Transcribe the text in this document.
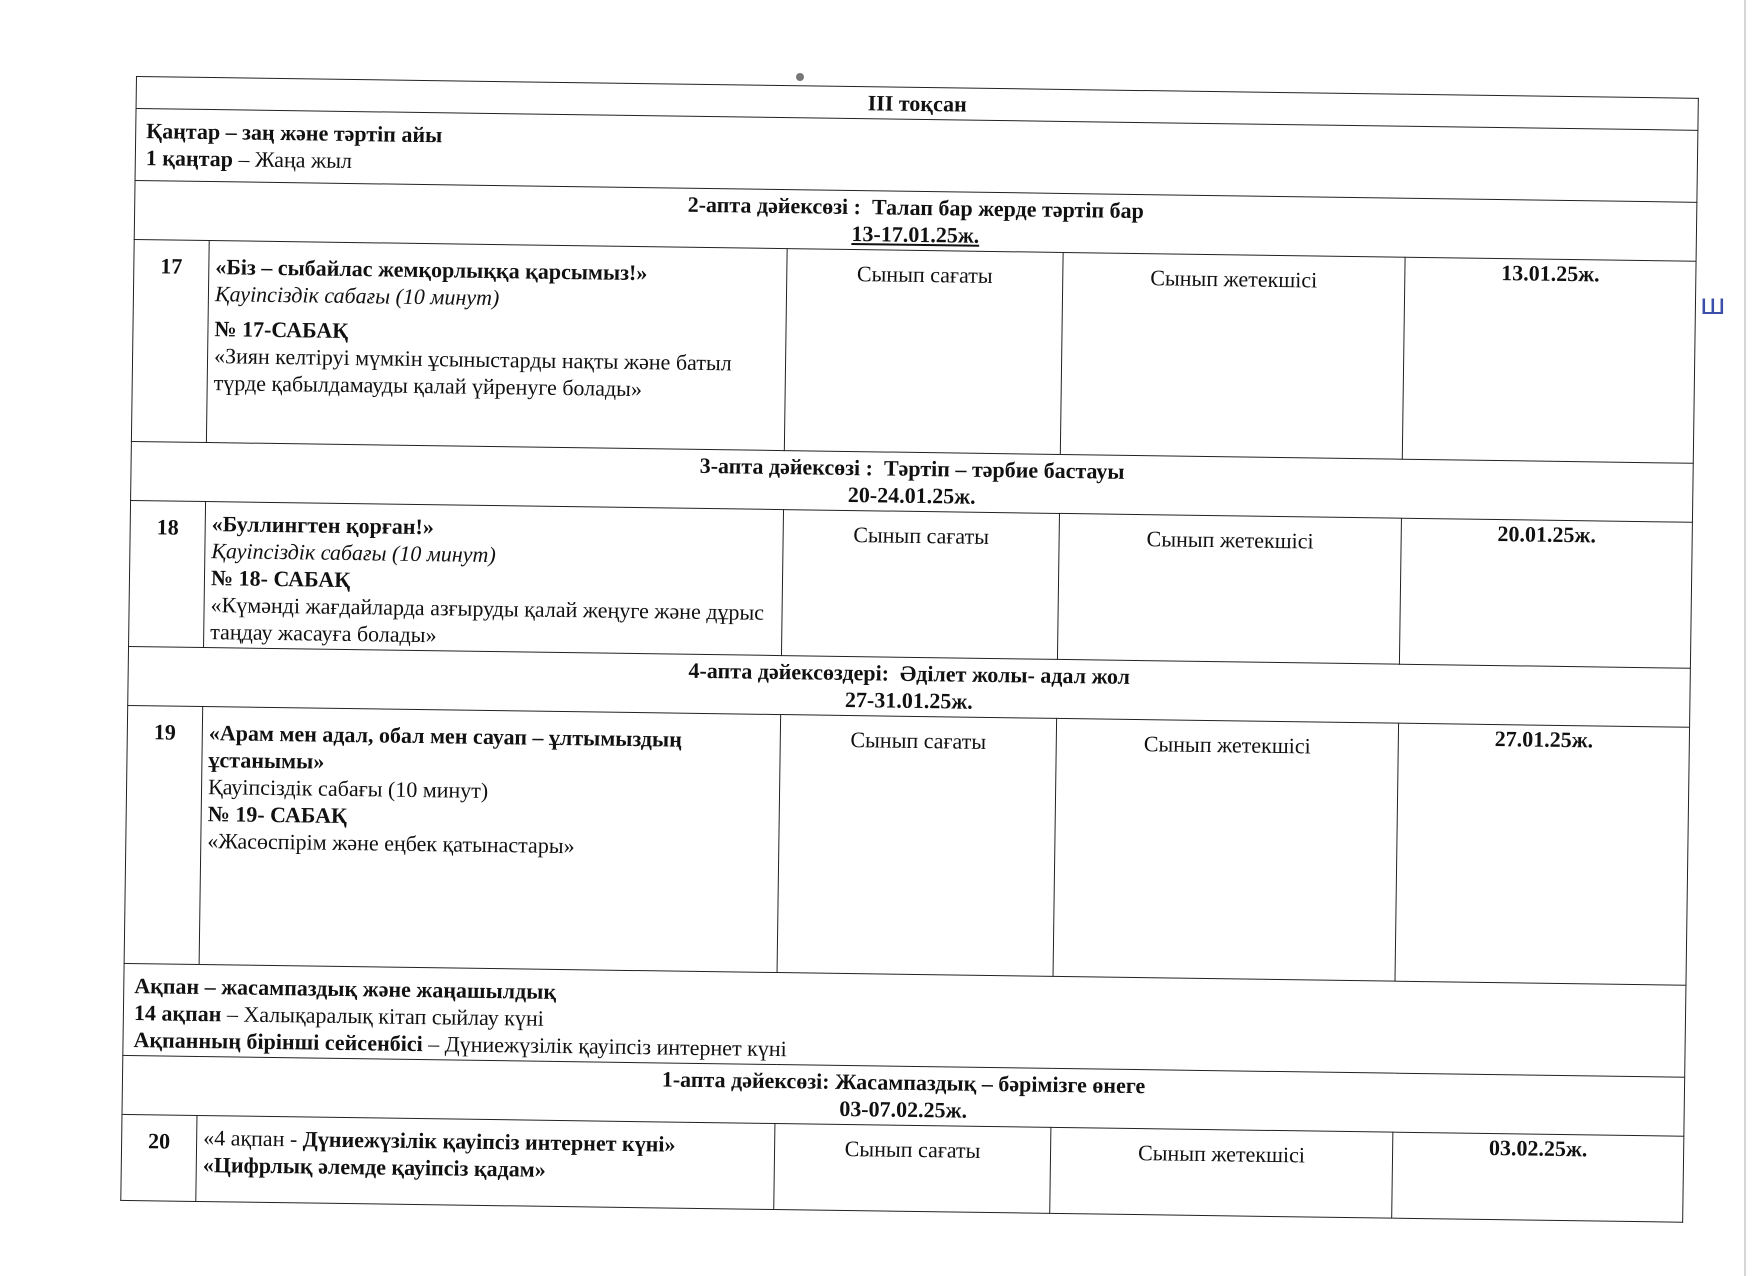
ꟺ
III тоқсан				

Қаңтар – заң және тәртіп айы
1 қаңтар – Жаңа жыл				

2-апта дәйексөзі : Талап бар жерде тәртіп бар
13-17.01.25ж.				

17	«Біз – сыбайлас жемқорлыққа қарсымыз!»
Қауіпсіздік сабағы (10 минут)
№ 17-САБАҚ
«Зиян келтіруі мүмкін ұсыныстарды нақты және батыл түрде қабылдамауды қалай үйренуге болады»	Сынып сағаты	Сынып жетекшісі	13.01.25ж.

3-апта дәйексөзі : Тәртіп – тәрбие бастауы
20-24.01.25ж.				

18	«Буллингтен қорған!»
Қауіпсіздік сабағы (10 минут)
№ 18- САБАҚ
«Күмәнді жағдайларда азғыруды қалай жеңуге және дұрыс таңдау жасауға болады»	Сынып сағаты	Сынып жетекшісі	20.01.25ж.

4-апта дәйексөздері: Әділет жолы- адал жол
27-31.01.25ж.				

19	«Арам мен адал, обал мен сауап – ұлтымыздың ұстанымы»
Қауіпсіздік сабағы (10 минут)
№ 19- САБАҚ
«Жасөспірім және еңбек қатынастары»	Сынып сағаты	Сынып жетекшісі	27.01.25ж.

Ақпан – жасампаздық және жаңашылдық
14 ақпан – Халықаралық кітап сыйлау күні
Ақпанның бірінші сейсенбісі – Дүниежүзілік қауіпсіз интернет күні				

1-апта дәйексөзі: Жасампаздық – бәрімізге өнеге
03-07.02.25ж.				

20	«4 ақпан - Дүниежүзілік қауіпсіз интернет күні»
«Цифрлық әлемде қауіпсіз қадам»	Сынып сағаты	Сынып жетекшісі	03.02.25ж.
